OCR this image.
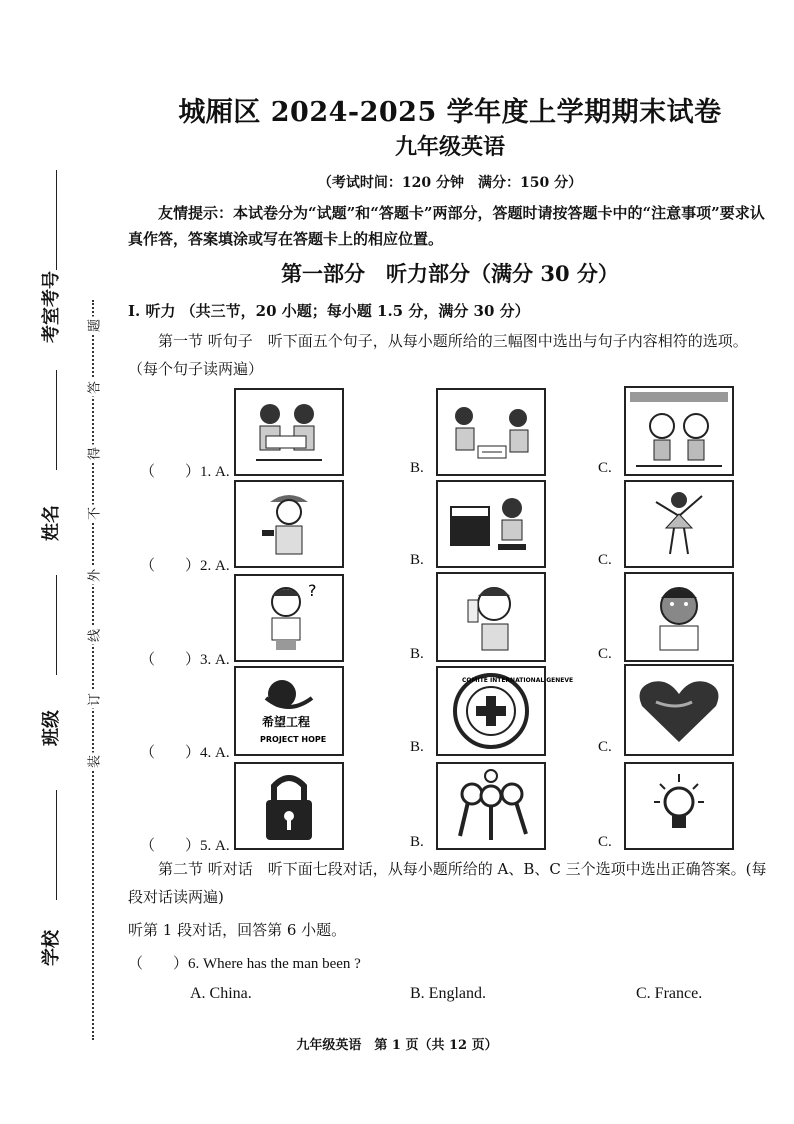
考室考号
姓名
班级
学校
题
答
得
不
外
线
订
装
城厢区 2024-2025 学年度上学期期末试卷
九年级英语
（考试时间：120 分钟　满分：150 分）
友情提示：本试卷分为“试题”和“答题卡”两部分，答题时请按答题卡中的“注意事项”要求认真作答，答案填涂或写在答题卡上的相应位置。
第一部分　听力部分（满分 30 分）
I. 听力 （共三节，20 小题；每小题 1.5 分，满分 30 分）
第一节 听句子　听下面五个句子，从每小题所给的三幅图中选出与句子内容相符的选项。（每个句子读两遍）
（　　）1. A.	B.	C.
（　　）2. A.	B.	C.
?
（　　）3. A.	B.	C.
希望工程
PROJECT HOPE
COMITE INTERNATIONAL GENEVE
（　　）4. A.	B.	C.
（　　）5. A.	B.	C.
第二节 听对话　听下面七段对话，从每小题所给的 A、B、C 三个选项中选出正确答案。(每段对话读两遍)
听第 1 段对话，回答第 6 小题。
（　　）6. Where has the man been ?
A. China.	B. England.	C. France.
九年级英语　第 1 页（共 12 页）
